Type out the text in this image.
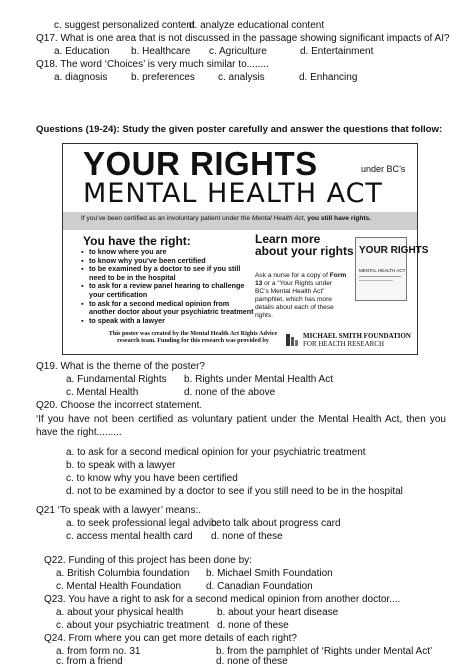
c. suggest personalized content
d. analyze educational content
Q17. What is one area that is not discussed in the passage showing significant impacts of AI?
a. Education b. Healthcare c. Agriculture	d. Entertainment
Q18. The word ‘Choices’ is very much similar to........
a. diagnosis b. preferences c. analysis	d. Enhancing
Questions (19-24): Study the given poster carefully and answer the questions that follow:
YOUR RIGHTS	under BC’s
MENTAL HEALTH ACT
If you’ve been certified as an involuntary patient under the Mental Health Act, you still have rights.
You have the right:
▪ to know where you are
▪ to know why you’ve been certified
▪ to be examined by a doctor to see if you still need to be in the hospital
▪ to ask for a review panel hearing to challenge your certification
▪ to ask for a second medical opinion from another doctor about your psychiatric treatment
▪ to speak with a lawyer
Learn more about your rights
Ask a nurse for a copy of Form 13 or a “Your Rights under BC’s Mental Health Act” pamphlet, which has more details about each of these rights.
YOUR RIGHTS
MENTAL HEALTH ACT
This poster was created by the Mental Health Act Rights Advice research team. Funding for this research was provided by
MICHAEL SMITH FOUNDATION
FOR HEALTH RESEARCH
Q19. What is the theme of the poster?
a. Fundamental Rights b. Rights under Mental Health Act
c. Mental Health	d. none of the above
Q20. Choose the incorrect statement.
‘If you have not been certified as voluntary patient under the Mental Health Act, then you have the right.........
a. to ask for a second medical opinion for your psychiatric treatment
b. to speak with a lawyer
c. to know why you have been certified
d. not to be examined by a doctor to see if you still need to be in the hospital
Q21 ‘To speak with a lawyer’ means:.
a. to seek professional legal advice
b. to talk about progress card
c. access mental health card d. none of these
Q22. Funding of this project has been done by:
a. British Columbia foundation b. Michael Smith Foundation
c. Mental Health Foundation d. Canadian Foundation
Q23. You have a right to ask for a second medical opinion from another doctor....
a. about your physical health	b. about your heart disease
c. about your psychiatric treatment d. none of these
Q24. From where you can get more details of each right?
a. from form no. 31	b. from the pamphlet of ‘Rights under Mental Act’
c. from a friend	d. none of these
